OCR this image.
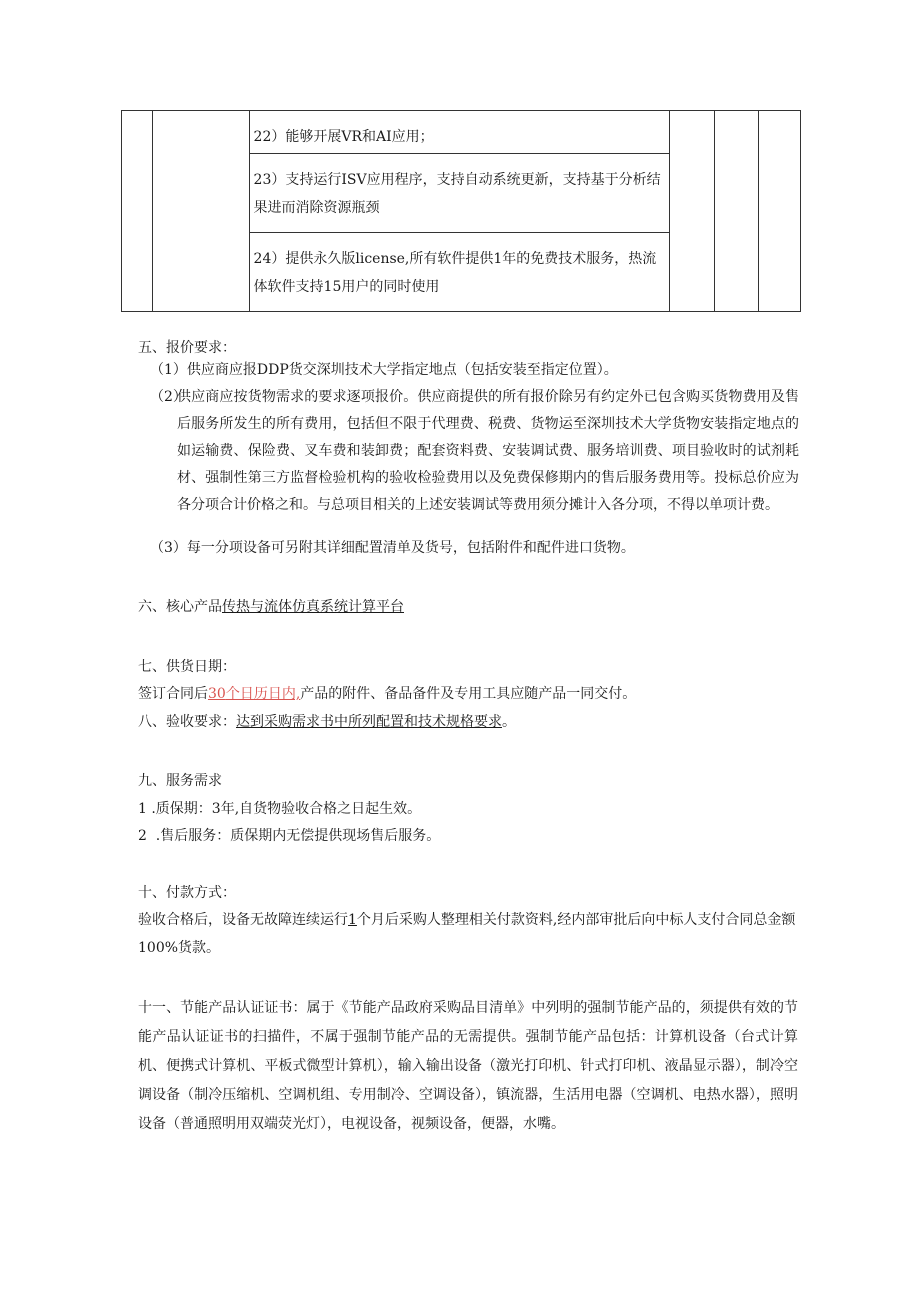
22）能够开展VR和AI应用；

23）支持运行ISV应用程序，支持自动系统更新，支持基于分析结果进而消除资源瓶颈

24）提供永久版license,所有软件提供1年的免费技术服务，热流体软件支持15用户的同时使用
五、报价要求：
（1）供应商应报DDP货交深圳技术大学指定地点（包括安装至指定位置）。
（2）
供应商应按货物需求的要求逐项报价。供应商提供的所有报价除另有约定外已包含购买货物费用及售后服务所发生的所有费用，包括但不限于代理费、税费、货物运至深圳技术大学货物安装指定地点的如运输费、保险费、叉车费和装卸费；配套资料费、安装调试费、服务培训费、项目验收时的试剂耗材、强制性第三方监督检验机构的验收检验费用以及免费保修期内的售后服务费用等。投标总价应为各分项合计价格之和。与总项目相关的上述安装调试等费用须分摊计入各分项，不得以单项计费。
（3）每一分项设备可另附其详细配置清单及货号，包括附件和配件进口货物。
六、核心产品传热与流体仿真系统计算平台
七、供货日期：
签订合同后30个日历日内,产品的附件、备品备件及专用工具应随产品一同交付。
八、验收要求：达到采购需求书中所列配置和技术规格要求。
九、服务需求
1 .质保期：3年,自货物验收合格之日起生效。
2  .售后服务：质保期内无偿提供现场售后服务。
十、付款方式：
验收合格后，设备无故障连续运行1个月后采购人整理相关付款资料,经内部审批后向中标人支付合同总金额100%货款。
十一、节能产品认证证书：属于《节能产品政府采购品目清单》中列明的强制节能产品的，须提供有效的节能产品认证证书的扫描件，不属于强制节能产品的无需提供。强制节能产品包括：计算机设备（台式计算机、便携式计算机、平板式微型计算机），输入输出设备（激光打印机、针式打印机、液晶显示器），制冷空调设备（制冷压缩机、空调机组、专用制冷、空调设备），镇流器，生活用电器（空调机、电热水器），照明设备（普通照明用双端荧光灯），电视设备，视频设备，便器，水嘴。
